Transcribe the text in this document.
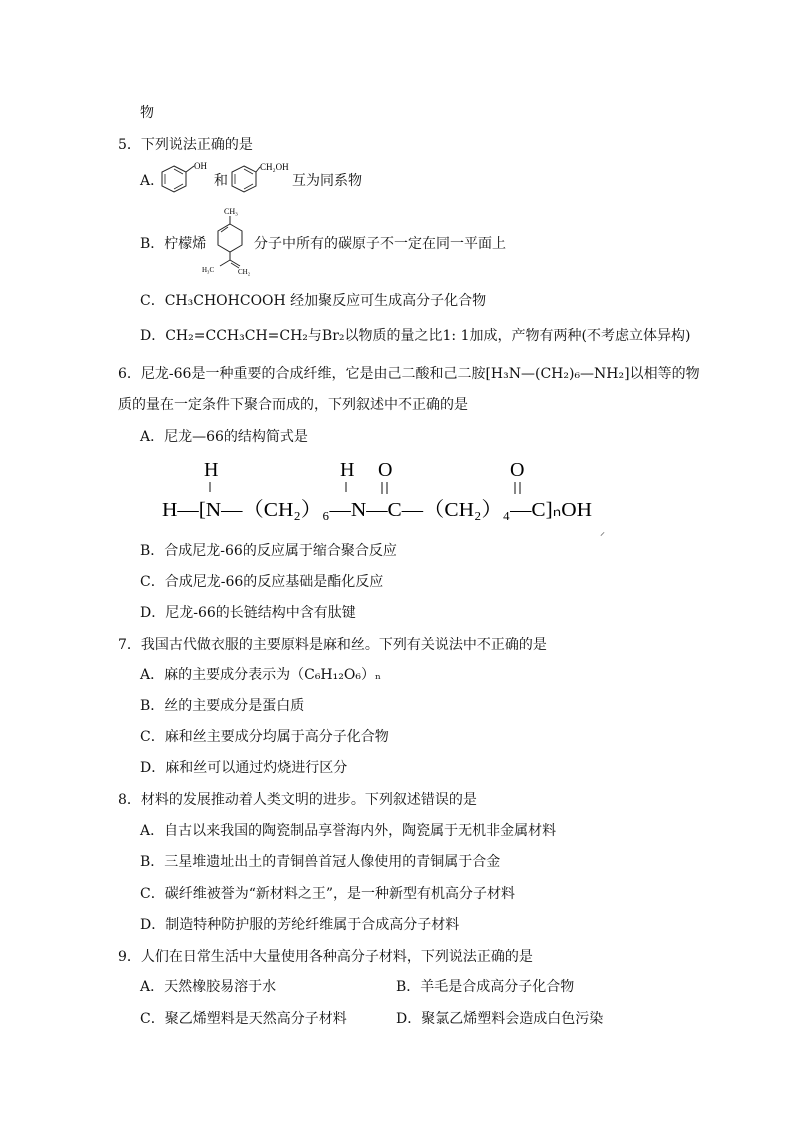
物
5．下列说法正确的是
A．
OH
和
CH₂OH
互为同系物
B．柠檬烯
CH₃
H₃C	CH₂
分子中所有的碳原子不一定在同一平面上
C．CH₃CHOHCOOH 经加聚反应可生成高分子化合物
D．CH₂=CCH₃CH=CH₂与Br₂以物质的量之比1: 1加成，产物有两种(不考虑立体异构)
6．尼龙-66是一种重要的合成纤维，它是由己二酸和己二胺[H₃N—(CH₂)₆—NH₂]以相等的物
质的量在一定条件下聚合而成的，下列叙述中不正确的是
A．尼龙—66的结构简式是
H	H O	O
H—[N—（CH₂）₆—N—C—（CH₂）₄—C]ₙOH
⸝
B．合成尼龙-66的反应属于缩合聚合反应
C．合成尼龙-66的反应基础是酯化反应
D．尼龙-66的长链结构中含有肽键
7．我国古代做衣服的主要原料是麻和丝。下列有关说法中不正确的是
A．麻的主要成分表示为（C₆H₁₂O₆）ₙ
B．丝的主要成分是蛋白质
C．麻和丝主要成分均属于高分子化合物
D．麻和丝可以通过灼烧进行区分
8．材料的发展推动着人类文明的进步。下列叙述错误的是
A．自古以来我国的陶瓷制品享誉海内外，陶瓷属于无机非金属材料
B．三星堆遗址出土的青铜兽首冠人像使用的青铜属于合金
C．碳纤维被誉为“新材料之王”，是一种新型有机高分子材料
D．制造特种防护服的芳纶纤维属于合成高分子材料
9．人们在日常生活中大量使用各种高分子材料，下列说法正确的是
A．天然橡胶易溶于水	B．羊毛是合成高分子化合物
C．聚乙烯塑料是天然高分子材料	D．聚氯乙烯塑料会造成白色污染
